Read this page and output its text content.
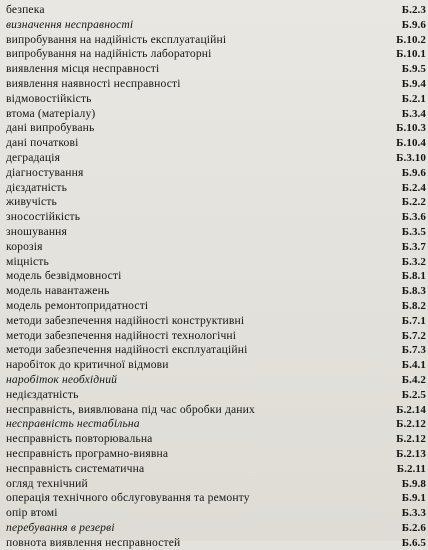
безпека	Б.2.3
визначення несправності	Б.9.6
випробування на надійність експлуатаційні	Б.10.2
випробування на надійність лабораторні	Б.10.1
виявлення місця несправності	Б.9.5
виявлення наявності несправності	Б.9.4
відмовостійкість	Б.2.1
втома (матеріалу)	Б.3.4
дані випробувань	Б.10.3
дані початкові	Б.10.4
деградація	Б.3.10
діагностування	Б.9.6
дієздатність	Б.2.4
живучість	Б.2.2
зносостійкість	Б.3.6
зношування	Б.3.5
корозія	Б.3.7
міцність	Б.3.2
модель безвідмовності	Б.8.1
модель навантажень	Б.8.3
модель ремонтопридатності	Б.8.2
методи забезпечення надійності конструктивні	Б.7.1
методи забезпечення надійності технологічні	Б.7.2
методи забезпечення надійності експлуатаційні	Б.7.3
наробіток до критичної відмови	Б.4.1
наробіток необхідний	Б.4.2
недієздатність	Б.2.5
несправність, виявлювана під час обробки даних	Б.2.14
несправність нестабільна	Б.2.12
несправність повторювальна	Б.2.12
несправність програмно-виявна	Б.2.13
несправність систематична	Б.2.11
огляд технічний	Б.9.8
операція технічного обслуговування та ремонту	Б.9.1
опір втомі	Б.3.3
перебування в резерві	Б.2.6
повнота виявлення несправностей	Б.6.5
